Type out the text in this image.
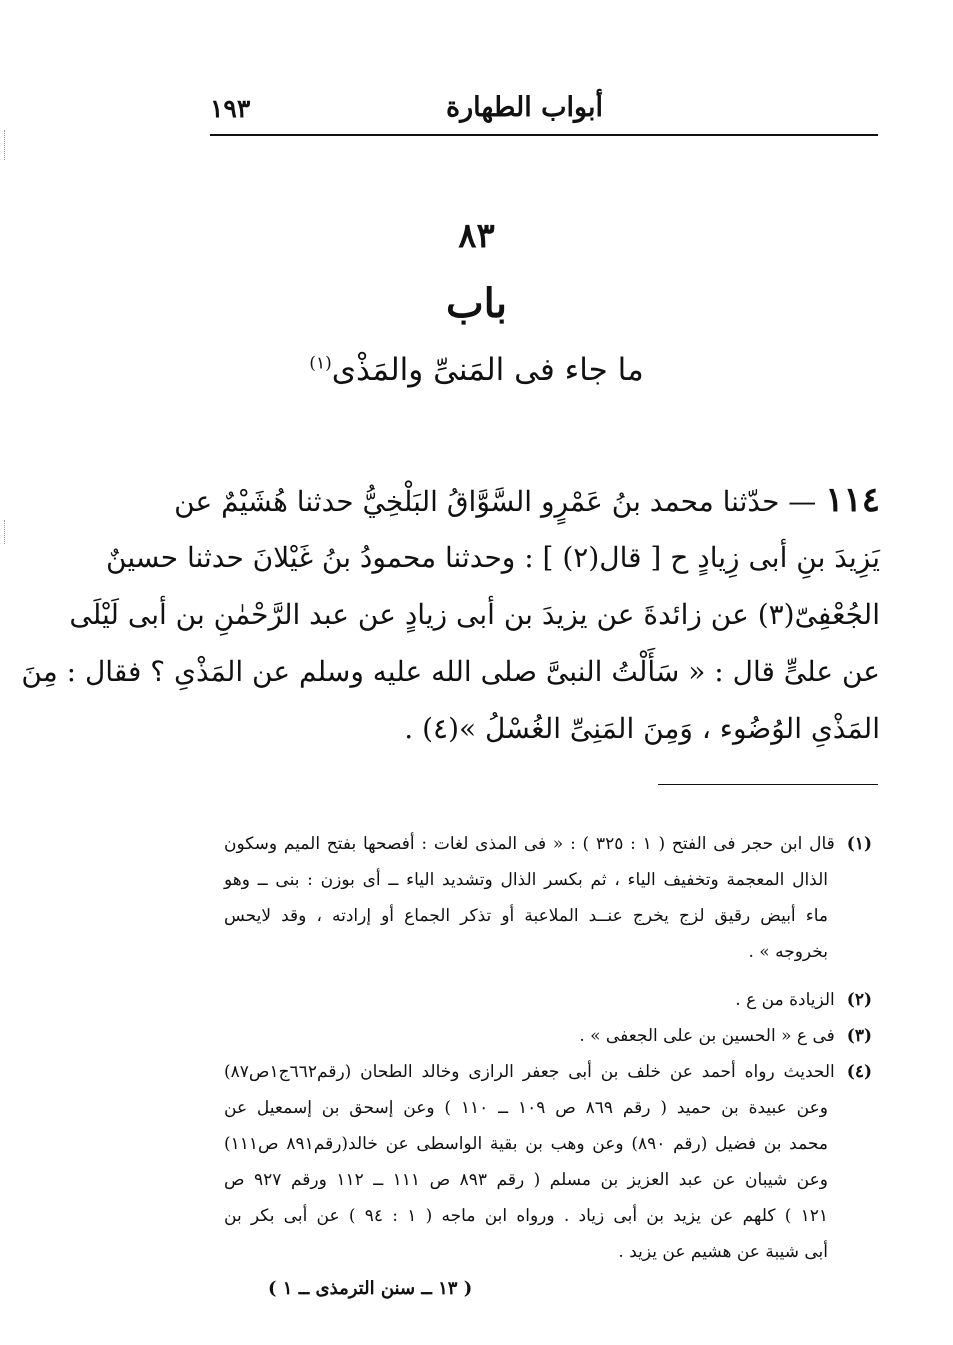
أبواب الطهارة
١٩٣
٨٣
باب
ما جاء فى المَنىِّ والمَذْى$^{(١)}$
١١٤ — حدّثنا محمد بنُ عَمْرٍو السَّوَّاقُ البَلْخِيُّ حدثنا هُشَيْمٌ عن
يَزِيدَ بنِ أبى زِيادٍ ح [ قال(٢) ] : وحدثنا محمودُ بنُ غَيْلانَ حدثنا حسينٌ
الجُعْفِىّ(٣) عن زائدةَ عن يزيدَ بن أبى زيادٍ عن عبد الرَّحْمٰنِ بن أبى لَيْلَى
عن علىٍّ قال : « سَأَلْتُ النبىَّ صلى الله عليه وسلم عن المَذْىِ ؟ فقال : مِنَ
المَذْىِ الوُضُوء ، وَمِنَ المَنِىِّ الغُسْلُ »(٤) .
(١)قال ابن حجر فى الفتح ( ١ : ٣٢٥ ) : « فى المذى لغات : أفصحها بفتح الميم وسكون
الذال المعجمة وتخفيف الياء ، ثم بكسر الذال وتشديد الياء ــ أى بوزن : بنى ــ وهو
ماء أبيض رقيق لزج يخرج عنــد الملاعبة أو تذكر الجماع أو إرادته ، وقد لايحس
بخروجه » .
(٢)الزيادة من ع .
(٣)فى ع « الحسين بن على الجعفى » .
(٤)الحديث رواه أحمد عن خلف بن أبى جعفر الرازى وخالد الطحان (رقم٦٦٢ج١ص٨٧)
وعن عبيدة بن حميد ( رقم ٨٦٩ ص ١٠٩ ــ ١١٠ ) وعن إسحق بن إسمعيل عن
محمد بن فضيل (رقم ٨٩٠) وعن وهب بن بقية الواسطى عن خالد(رقم٨٩١ ص١١١)
وعن شيبان عن عبد العزيز بن مسلم ( رقم ٨٩٣ ص ١١١ ــ ١١٢ ورقم ٩٢٧ ص
١٢١ ) كلهم عن يزيد بن أبى زياد . ورواه ابن ماجه ( ١ : ٩٤ ) عن أبى بكر بن
أبى شيبة عن هشيم عن يزيد .
( ١٣ ــ سنن الترمذى ــ ١ )
